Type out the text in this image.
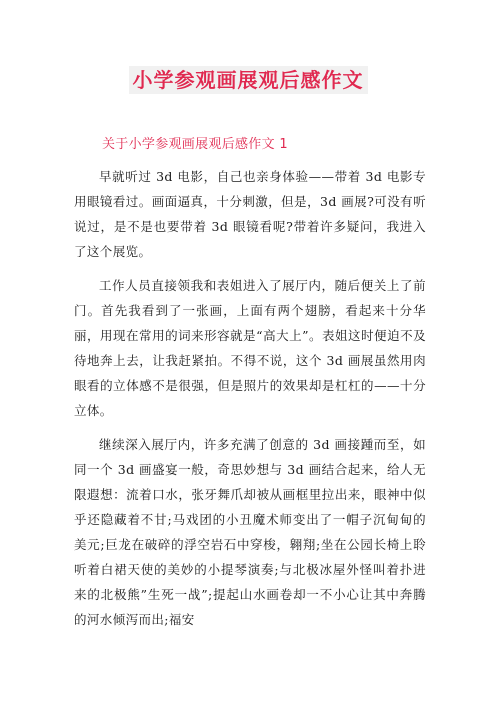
小学参观画展观后感作文
关于小学参观画展观后感作文 1

早就听过 3d 电影，自己也亲身体验——带着 3d 电影专用眼镜看过。画面逼真，十分刺激，但是，3d 画展?可没有听说过，是不是也要带着 3d 眼镜看呢?带着许多疑问，我进入了这个展览。

工作人员直接领我和表姐进入了展厅内，随后便关上了前门。首先我看到了一张画，上面有两个翅膀，看起来十分华丽，用现在常用的词来形容就是“高大上”。表姐这时便迫不及待地奔上去，让我赶紧拍。不得不说，这个 3d 画展虽然用肉眼看的立体感不是很强，但是照片的效果却是杠杠的——十分立体。

继续深入展厅内，许多充满了创意的 3d 画接踵而至，如同一个 3d 画盛宴一般，奇思妙想与 3d 画结合起来，给人无限遐想：流着口水，张牙舞爪却被从画框里拉出来，眼神中似乎还隐藏着不甘;马戏团的小丑魔术师变出了一帽子沉甸甸的美元;巨龙在破碎的浮空岩石中穿梭，翱翔;坐在公园长椅上聆听着白裙天使的美妙的小提琴演奏;与北极冰屋外怪叫着扑进来的北极熊”生死一战”;提起山水画卷却一不小心让其中奔腾的河水倾泻而出;福安
